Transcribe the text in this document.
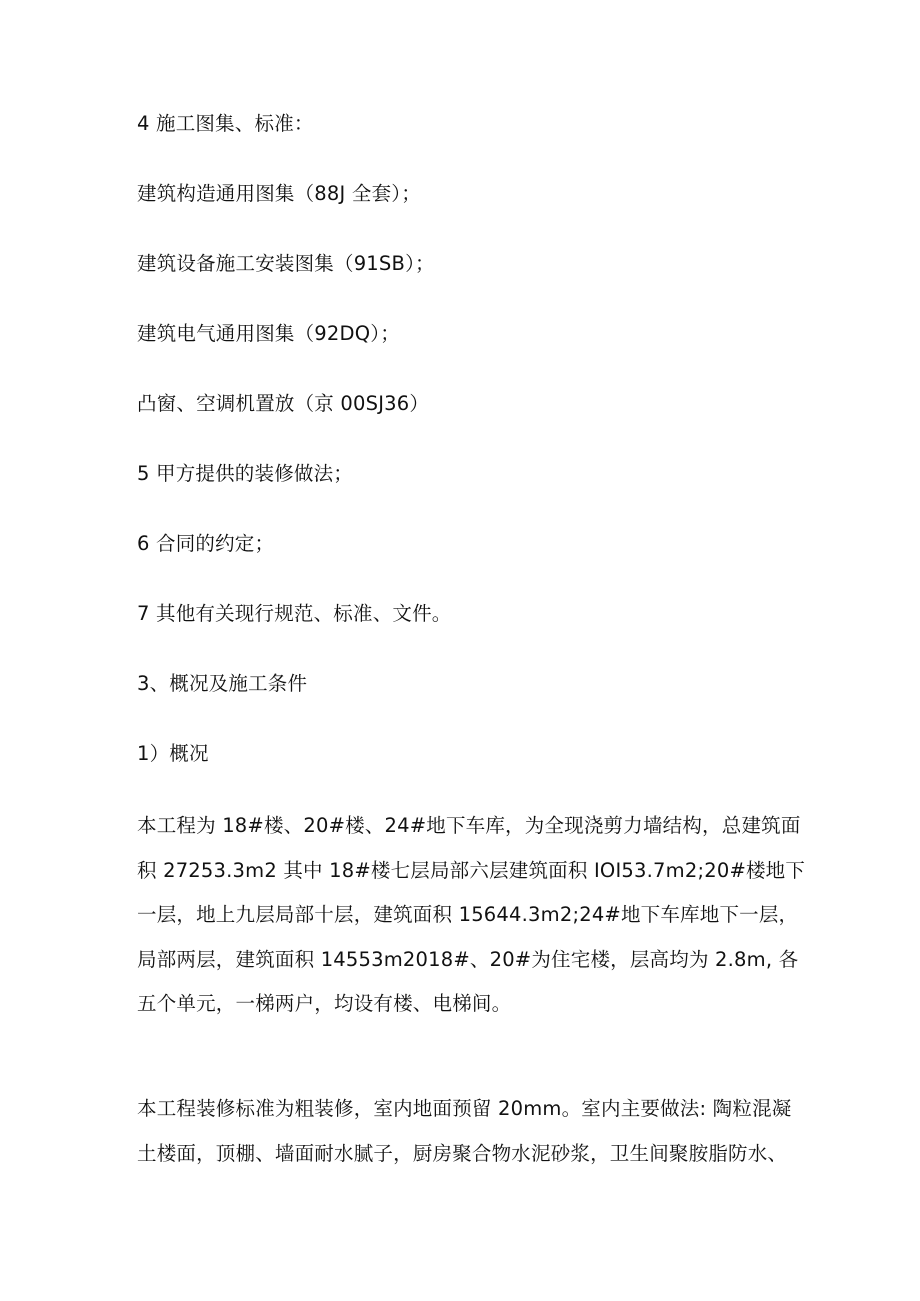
4 施工图集、标准：

建筑构造通用图集（88J 全套）；

建筑设备施工安装图集（91SB）；

建筑电气通用图集（92DQ）；

凸窗、空调机置放（京 00SJ36）

5 甲方提供的装修做法；

6 合同的约定；

7 其他有关现行规范、标准、文件。

3、概况及施工条件

1）概况

本工程为 18#楼、20#楼、24#地下车库，为全现浇剪力墙结构，总建筑面
积 27253.3m2 其中 18#楼七层局部六层建筑面积 IOI53.7m2;20#楼地下
一层，地上九层局部十层，建筑面积 15644.3m2;24#地下车库地下一层，
局部两层，建筑面积 14553m2018#、20#为住宅楼，层高均为 2.8m, 各
五个单元，一梯两户，均设有楼、电梯间。
本工程装修标准为粗装修，室内地面预留 20mm。室内主要做法: 陶粒混凝
土楼面，顶棚、墙面耐水腻子，厨房聚合物水泥砂浆，卫生间聚胺脂防水、
